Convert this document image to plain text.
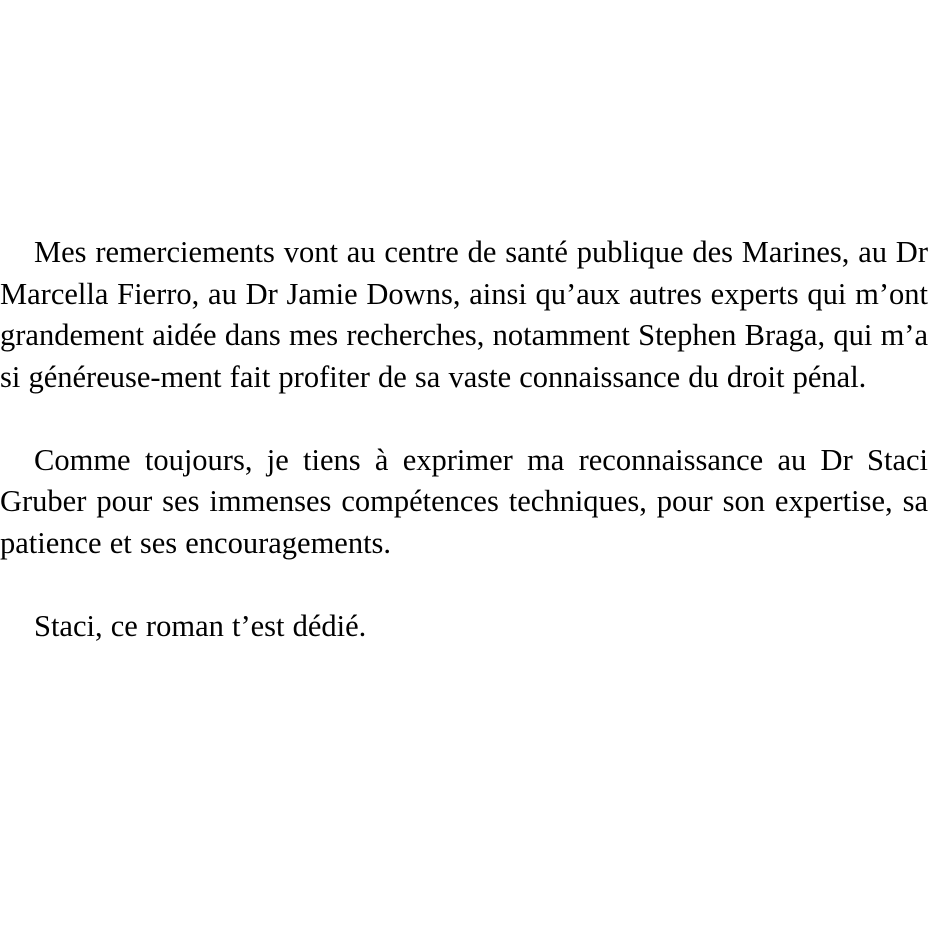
Mes remerciements vont au centre de santé publique des Marines, au Dr Marcella Fierro, au Dr Jamie Downs, ainsi qu’aux autres experts qui m’ont grandement aidée dans mes recherches, notamment Stephen Braga, qui m’a si généreuse-ment fait profiter de sa vaste connaissance du droit pénal.

Comme toujours, je tiens à exprimer ma reconnaissance au Dr Staci Gruber pour ses immenses compétences techniques, pour son expertise, sa patience et ses encouragements.

Staci, ce roman t’est dédié.
